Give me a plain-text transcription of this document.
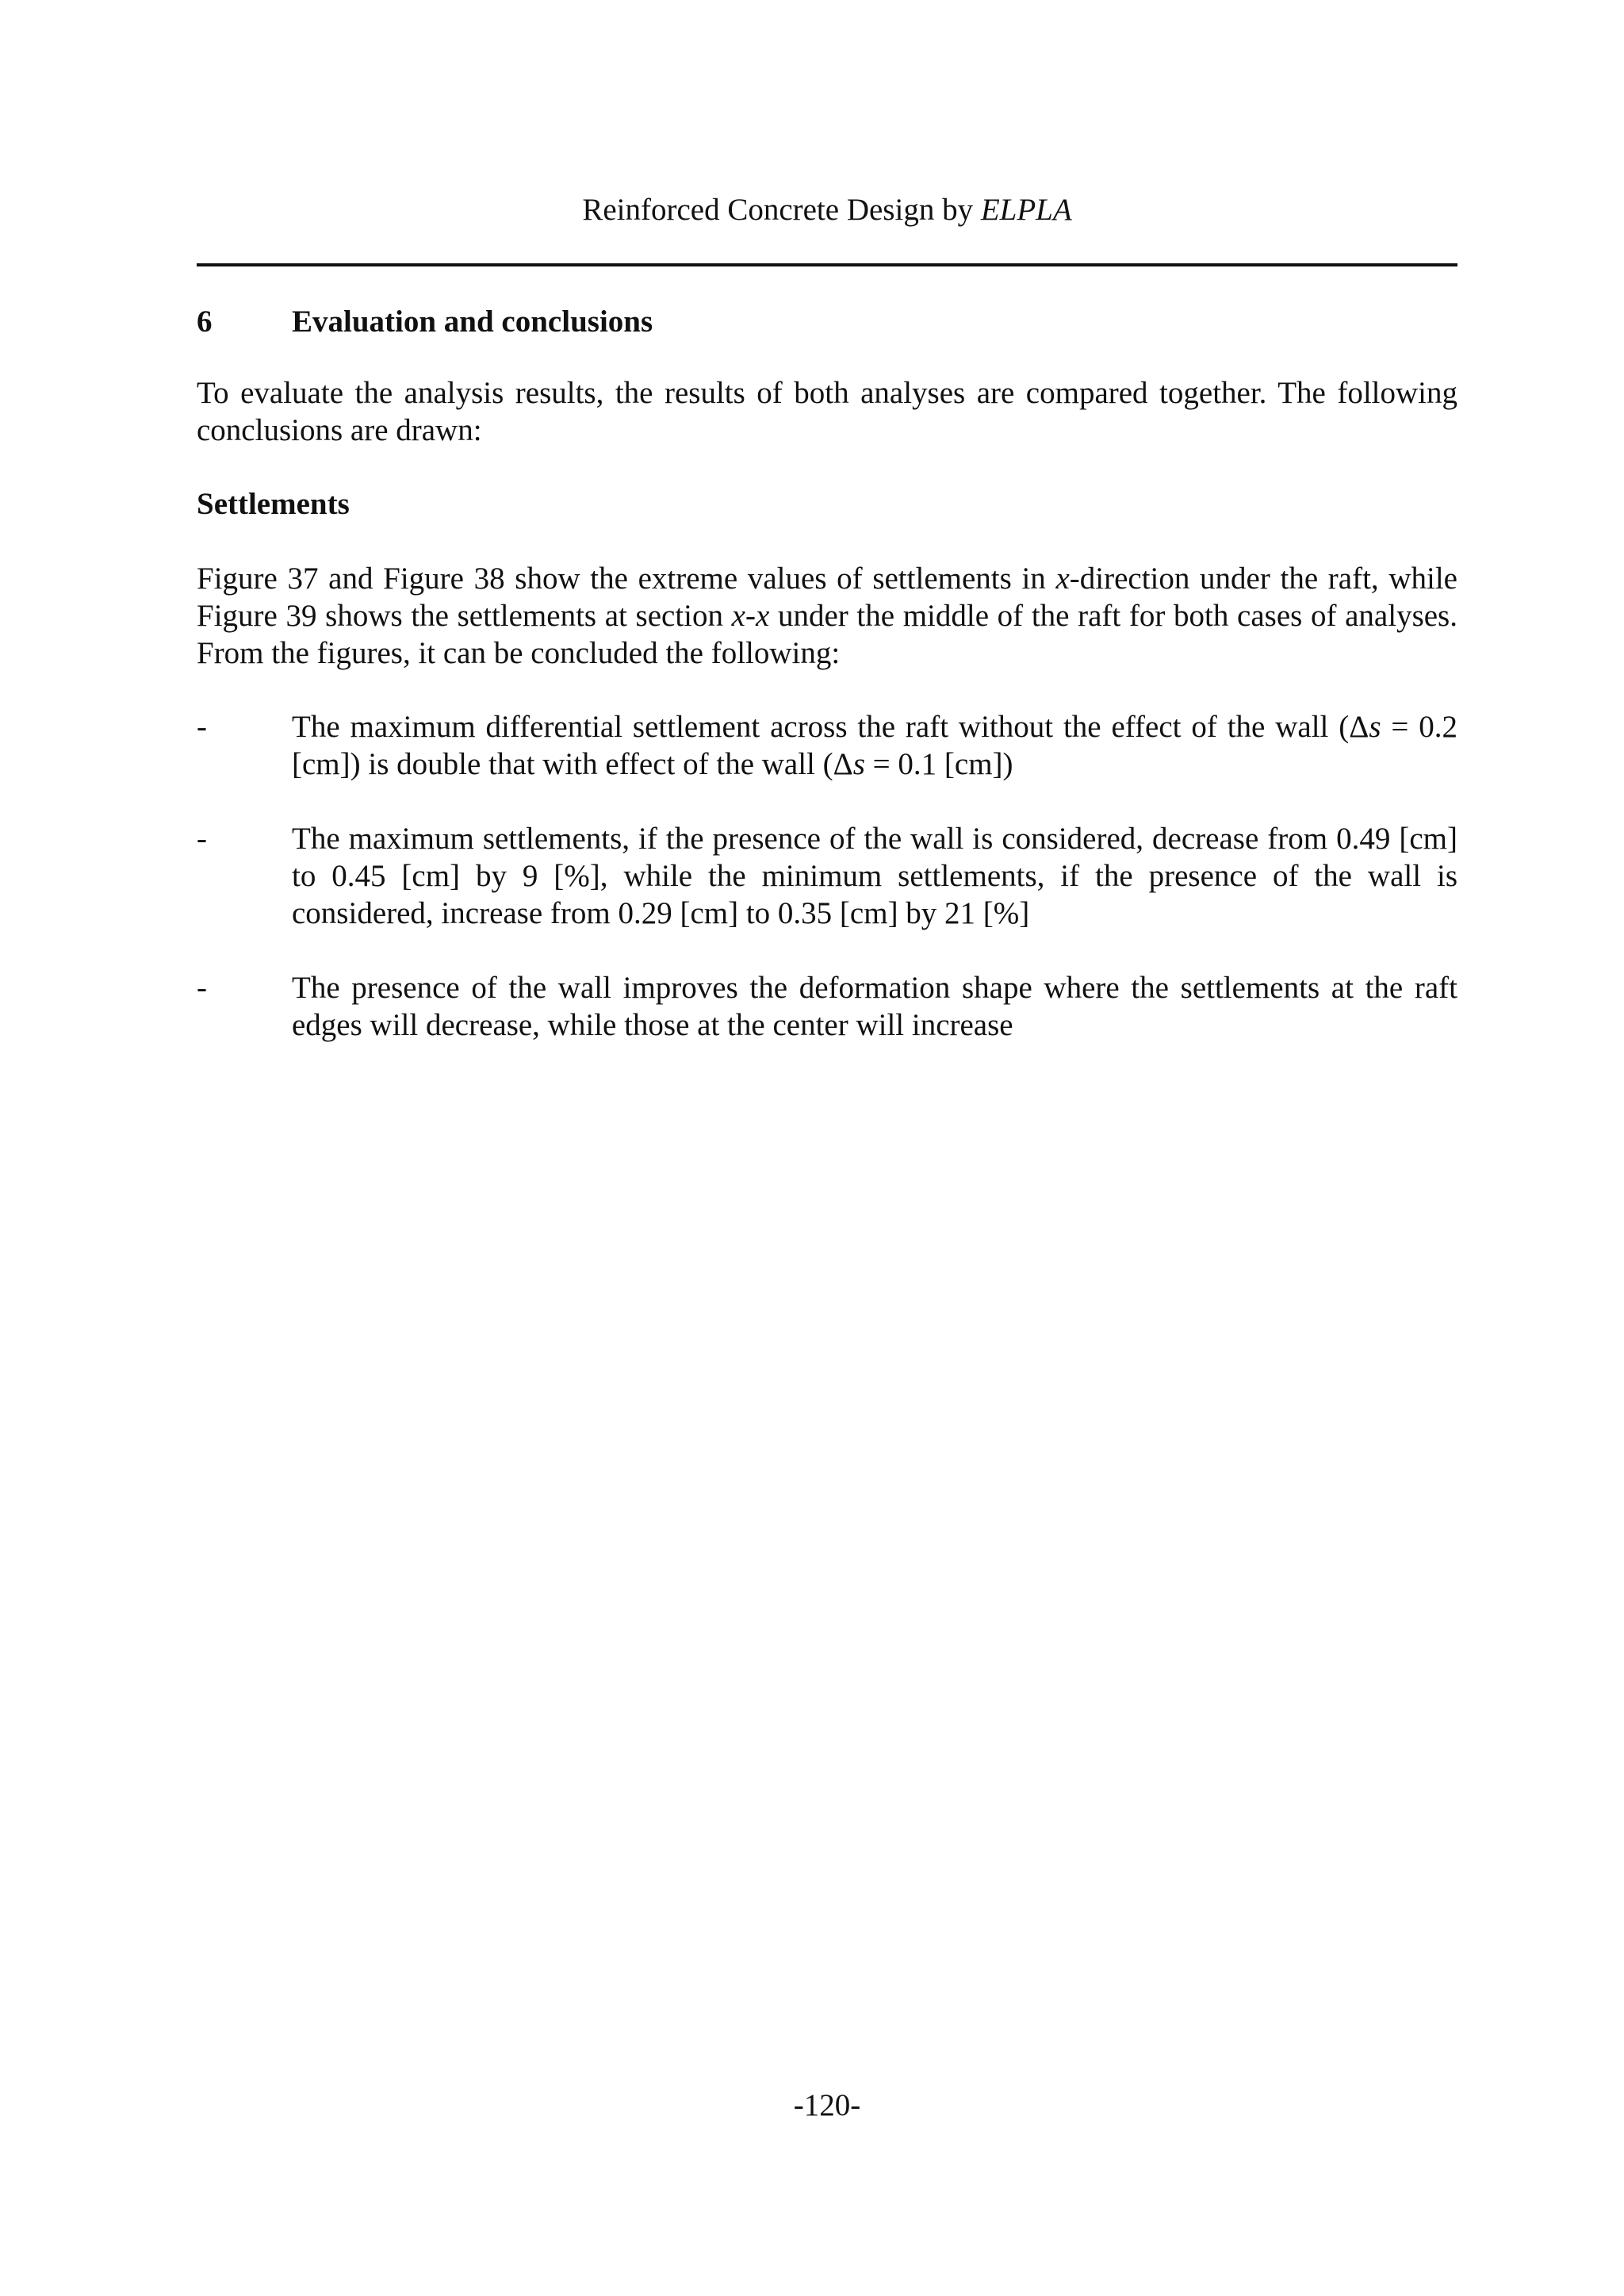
Reinforced Concrete Design by ELPLA
6	Evaluation and conclusions

To evaluate the analysis results, the results of both analyses are compared together. The following conclusions are drawn:

Settlements

Figure 37 and Figure 38 show the extreme values of settlements in x-direction under the raft, while Figure 39 shows the settlements at section x-x under the middle of the raft for both cases of analyses. From the figures, it can be concluded the following:

-	The maximum differential settlement across the raft without the effect of the wall (Δs = 0.2 [cm]) is double that with effect of the wall (Δs = 0.1 [cm])
-	The maximum settlements, if the presence of the wall is considered, decrease from 0.49 [cm] to 0.45 [cm] by 9 [%], while the minimum settlements, if the presence of the wall is considered, increase from 0.29 [cm] to 0.35 [cm] by 21 [%]
-	The presence of the wall improves the deformation shape where the settlements at the raft edges will decrease, while those at the center will increase
-120-
